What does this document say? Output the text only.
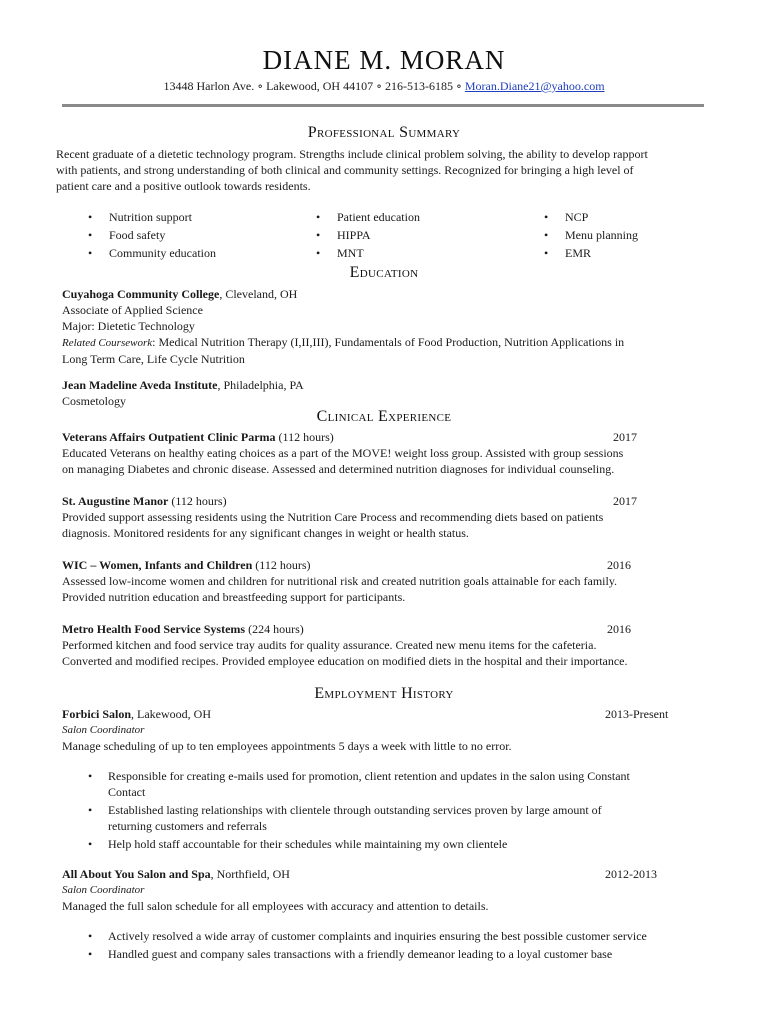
DIANE M. MORAN
13448 Harlon Ave. ∘ Lakewood, OH 44107 ∘ 216-513-6185 ∘ Moran.Diane21@yahoo.com
Professional Summary

Recent graduate of a dietetic technology program. Strengths include clinical problem solving, the ability to develop rapport

with patients, and strong understanding of both clinical and community settings. Recognized for bringing a high level of

patient care and a positive outlook towards residents.

• Nutrition support
• Food safety
• Community education
• Patient education
• HIPPA
• MNT
• NCP
• Menu planning
• EMR
Education

Cuyahoga Community College, Cleveland, OH

Associate of Applied Science

Major: Dietetic Technology

Related Coursework: Medical Nutrition Therapy (I,II,III), Fundamentals of Food Production, Nutrition Applications in

Long Term Care, Life Cycle Nutrition

Jean Madeline Aveda Institute, Philadelphia, PA

Cosmetology

Clinical Experience
Veterans Affairs Outpatient Clinic Parma (112 hours)	2017

Educated Veterans on healthy eating choices as a part of the MOVE! weight loss group. Assisted with group sessions

on managing Diabetes and chronic disease. Assessed and determined nutrition diagnoses for individual counseling.

St. Augustine Manor (112 hours)	2017

Provided support assessing residents using the Nutrition Care Process and recommending diets based on patients

diagnosis. Monitored residents for any significant changes in weight or health status.

WIC – Women, Infants and Children (112 hours)	2016

Assessed low-income women and children for nutritional risk and created nutrition goals attainable for each family.

Provided nutrition education and breastfeeding support for participants.

Metro Health Food Service Systems (224 hours)	2016

Performed kitchen and food service tray audits for quality assurance. Created new menu items for the cafeteria.

Converted and modified recipes. Provided employee education on modified diets in the hospital and their importance.

Employment History
Forbici Salon, Lakewood, OH	2013-Present

Salon Coordinator

Manage scheduling of up to ten employees appointments 5 days a week with little to no error.

• Responsible for creating e-mails used for promotion, client retention and updates in the salon using Constant
Contact
• Established lasting relationships with clientele through outstanding services proven by large amount of
returning customers and referrals
• Help hold staff accountable for their schedules while maintaining my own clientele
All About You Salon and Spa, Northfield, OH	2012-2013

Salon Coordinator

Managed the full salon schedule for all employees with accuracy and attention to details.

• Actively resolved a wide array of customer complaints and inquiries ensuring the best possible customer service
• Handled guest and company sales transactions with a friendly demeanor leading to a loyal customer base
